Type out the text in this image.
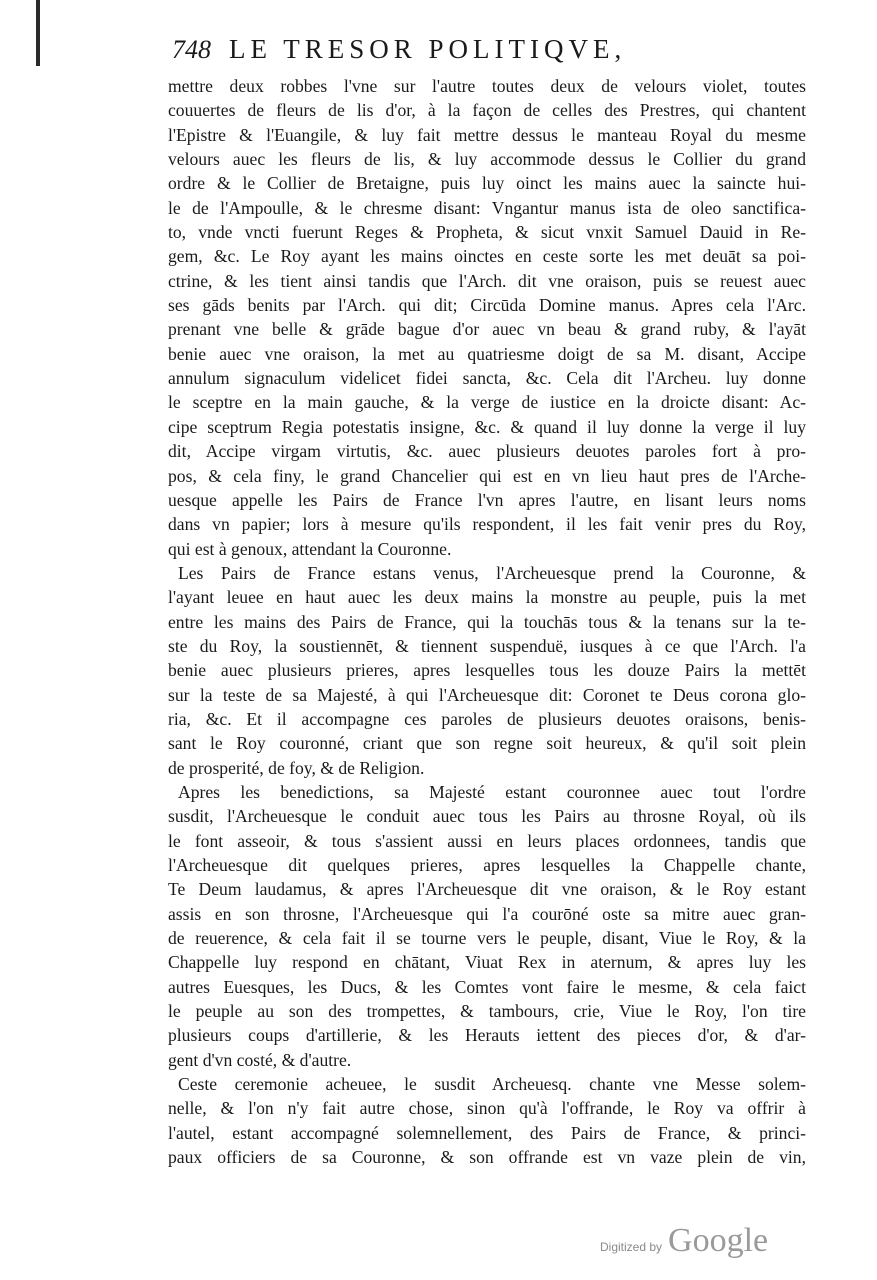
748 LE TRESOR POLITIQVE,
mettre deux robbes l'vne sur l'autre toutes deux de velours violet, toutes
couuertes de fleurs de lis d'or, à la façon de celles des Prestres, qui chantent
l'Epistre & l'Euangile, & luy fait mettre dessus le manteau Royal du mesme
velours auec les fleurs de lis, & luy accommode dessus le Collier du grand
ordre & le Collier de Bretaigne, puis luy oinct les mains auec la saincte hui-
le de l'Ampoulle, & le chresme disant: Vngantur manus ista de oleo sanctifica-
to, vnde vncti fuerunt Reges & Propheta, & sicut vnxit Samuel Dauid in Re-
gem, &c. Le Roy ayant les mains oinctes en ceste sorte les met deuāt sa poi-
ctrine, & les tient ainsi tandis que l'Arch. dit vne oraison, puis se reuest auec
ses gāds benits par l'Arch. qui dit; Circūda Domine manus. Apres cela l'Arc.
prenant vne belle & grāde bague d'or auec vn beau & grand ruby, & l'ayāt
benie auec vne oraison, la met au quatriesme doigt de sa M. disant, Accipe
annulum signaculum videlicet fidei sancta, &c. Cela dit l'Archeu. luy donne
le sceptre en la main gauche, & la verge de iustice en la droicte disant: Ac-
cipe sceptrum Regia potestatis insigne, &c. & quand il luy donne la verge il luy
dit, Accipe virgam virtutis, &c. auec plusieurs deuotes paroles fort à pro-
pos, & cela finy, le grand Chancelier qui est en vn lieu haut pres de l'Arche-
uesque appelle les Pairs de France l'vn apres l'autre, en lisant leurs noms
dans vn papier; lors à mesure qu'ils respondent, il les fait venir pres du Roy,
qui est à genoux, attendant la Couronne.
Les Pairs de France estans venus, l'Archeuesque prend la Couronne, &
l'ayant leuee en haut auec les deux mains la monstre au peuple, puis la met
entre les mains des Pairs de France, qui la touchās tous & la tenans sur la te-
ste du Roy, la soustiennēt, & tiennent suspenduë, iusques à ce que l'Arch. l'a
benie auec plusieurs prieres, apres lesquelles tous les douze Pairs la mettēt
sur la teste de sa Majesté, à qui l'Archeuesque dit: Coronet te Deus corona glo-
ria, &c. Et il accompagne ces paroles de plusieurs deuotes oraisons, benis-
sant le Roy couronné, criant que son regne soit heureux, & qu'il soit plein
de prosperité, de foy, & de Religion.
Apres les benedictions, sa Majesté estant couronnee auec tout l'ordre
susdit, l'Archeuesque le conduit auec tous les Pairs au throsne Royal, où ils
le font asseoir, & tous s'assient aussi en leurs places ordonnees, tandis que
l'Archeuesque dit quelques prieres, apres lesquelles la Chappelle chante,
Te Deum laudamus, & apres l'Archeuesque dit vne oraison, & le Roy estant
assis en son throsne, l'Archeuesque qui l'a courōné oste sa mitre auec gran-
de reuerence, & cela fait il se tourne vers le peuple, disant, Viue le Roy, & la
Chappelle luy respond en chātant, Viuat Rex in aternum, & apres luy les
autres Euesques, les Ducs, & les Comtes vont faire le mesme, & cela faict
le peuple au son des trompettes, & tambours, crie, Viue le Roy, l'on tire
plusieurs coups d'artillerie, & les Herauts iettent des pieces d'or, & d'ar-
gent d'vn costé, & d'autre.
Ceste ceremonie acheuee, le susdit Archeuesq. chante vne Messe solem-
nelle, & l'on n'y fait autre chose, sinon qu'à l'offrande, le Roy va offrir à
l'autel, estant accompagné solemnellement, des Pairs de France, & princi-
paux officiers de sa Couronne, & son offrande est vn vaze plein de vin,
Digitized by Google
